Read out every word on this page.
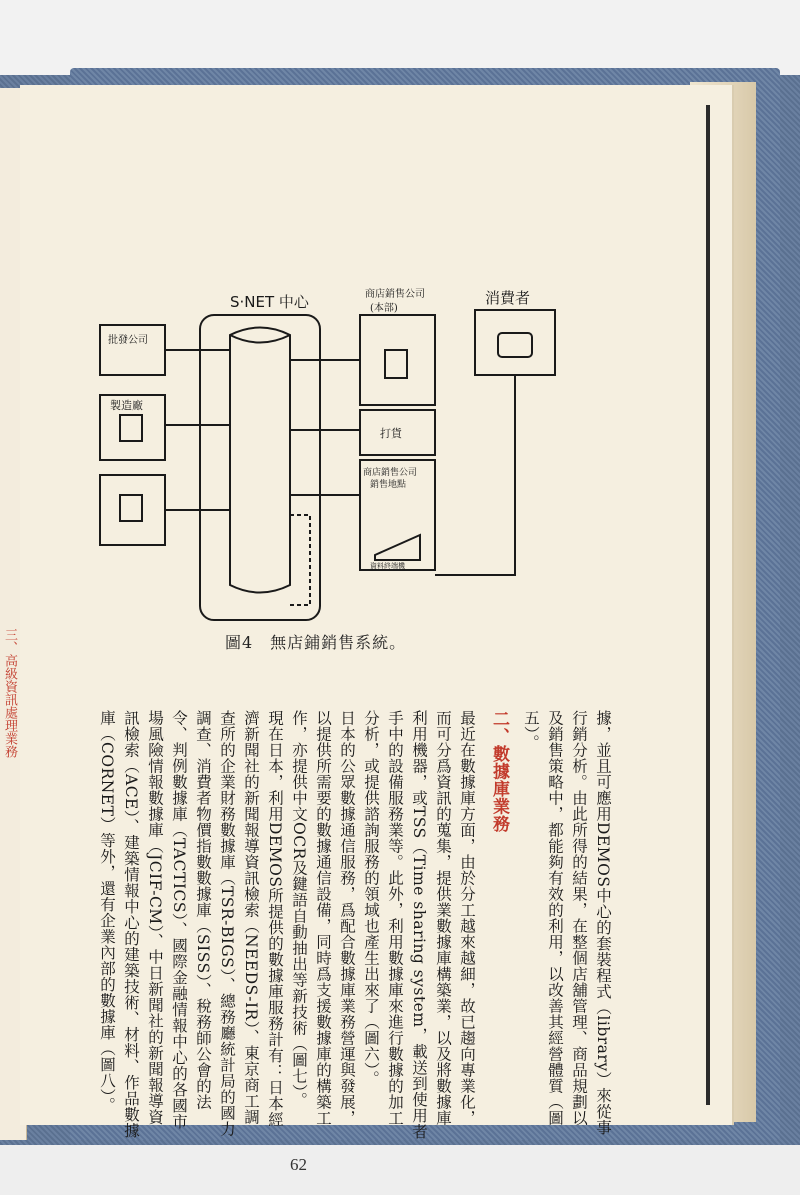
三、高級資訊處理業務
S·NET 中心	商店銷售公司
(本部)
消費者
批發公司
製造廠
打貨
商店銷售公司
銷售地點
資料終端機
圖4　無店鋪銷售系統。

據，並且可應用DEMOS中心的套裝程式（library）來從事行銷分析。由此所得的結果，在整個店舖管理、商品規劃以及銷售策略中，都能夠有效的利用，以改善其經營體質（圖五）。

二、數據庫業務

最近在數據庫方面，由於分工越來越細，故已趨向專業化，而可分爲資訊的蒐集，提供業數據庫構築業，以及將數據庫利用機器，或TSS（Time sharing system，載送到使用者手中的設備服務業等。此外，利用數據庫來進行數據的加工分析，或提供諮詢服務的領域也產生出來了（圖六）。

日本的公眾數據通信服務，爲配合數據庫業務營運與發展，以提供所需要的數據通信設備，同時爲支援數據庫的構築工作，亦提供中文OCR及鍵語自動抽出等新技術（圖七）。

現在日本，利用DEMOS所提供的數據庫服務計有：日本經濟新聞社的新聞報導資訊檢索（NEEDS-IR）、東京商工調查所的企業財務數據庫（TSR-BIGS）、總務廳統計局的國力調查、消費者物價指數數據庫（SISS）、稅務師公會的法令、判例數據庫（TACTICS）、國際金融情報中心的各國市場風險情報數據庫（JCIF-CM）、中日新聞社的新聞報導資訊檢索（ACE）、建築情報中心的建築技術、材料、作品數據庫（CORNET）等外，還有企業內部的數據庫（圖八）。

62
